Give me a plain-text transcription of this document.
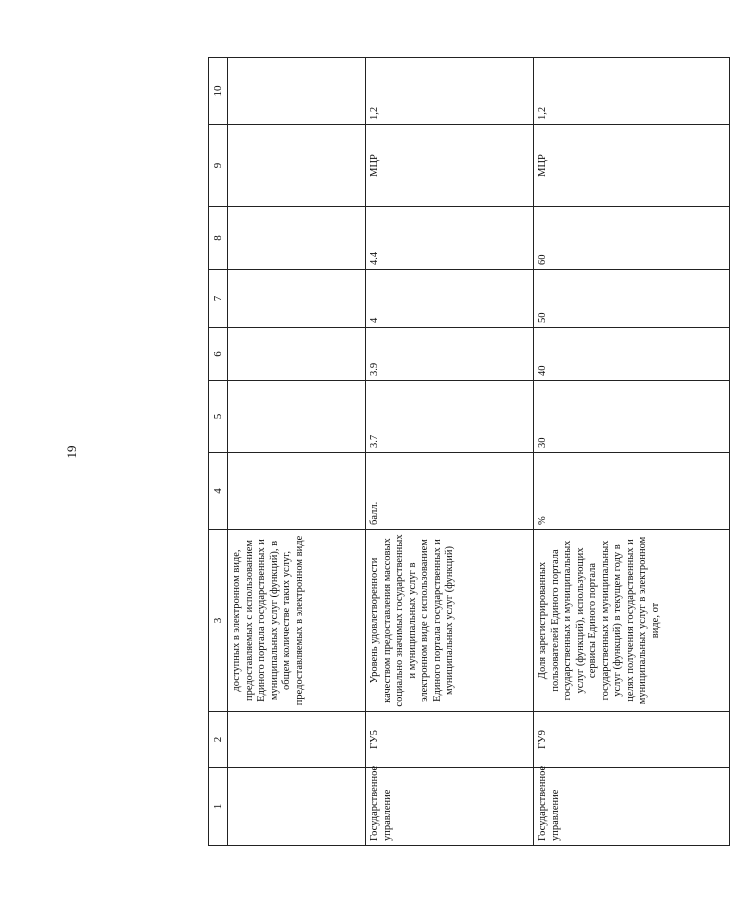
19
1	2	3	4	5	6	7	8	9	10
		доступных в электронном виде, предоставляемых с использованием Единого портала государственных и муниципальных услуг (функций), в общем количестве таких услуг, предоставляемых в электронном виде							
Государственное управление	ГУ5	Уровень удовлетворенности качеством предоставления массовых социально значимых государственных и муниципальных услуг в электронном виде с использованием Единого портала государственных и муниципальных услуг (функций)	балл.	3.7	3.9	4	4.4	МЦР	1,2
Государственное управление	ГУ9	Доля зарегистрированных пользователей Единого портала государственных и муниципальных услуг (функций), использующих сервисы Единого портала государственных и муниципальных услуг (функций) в текущем году в целях получения государственных и муниципальных услуг в электронном виде, от	%	30	40	50	60	МЦР	1,2
